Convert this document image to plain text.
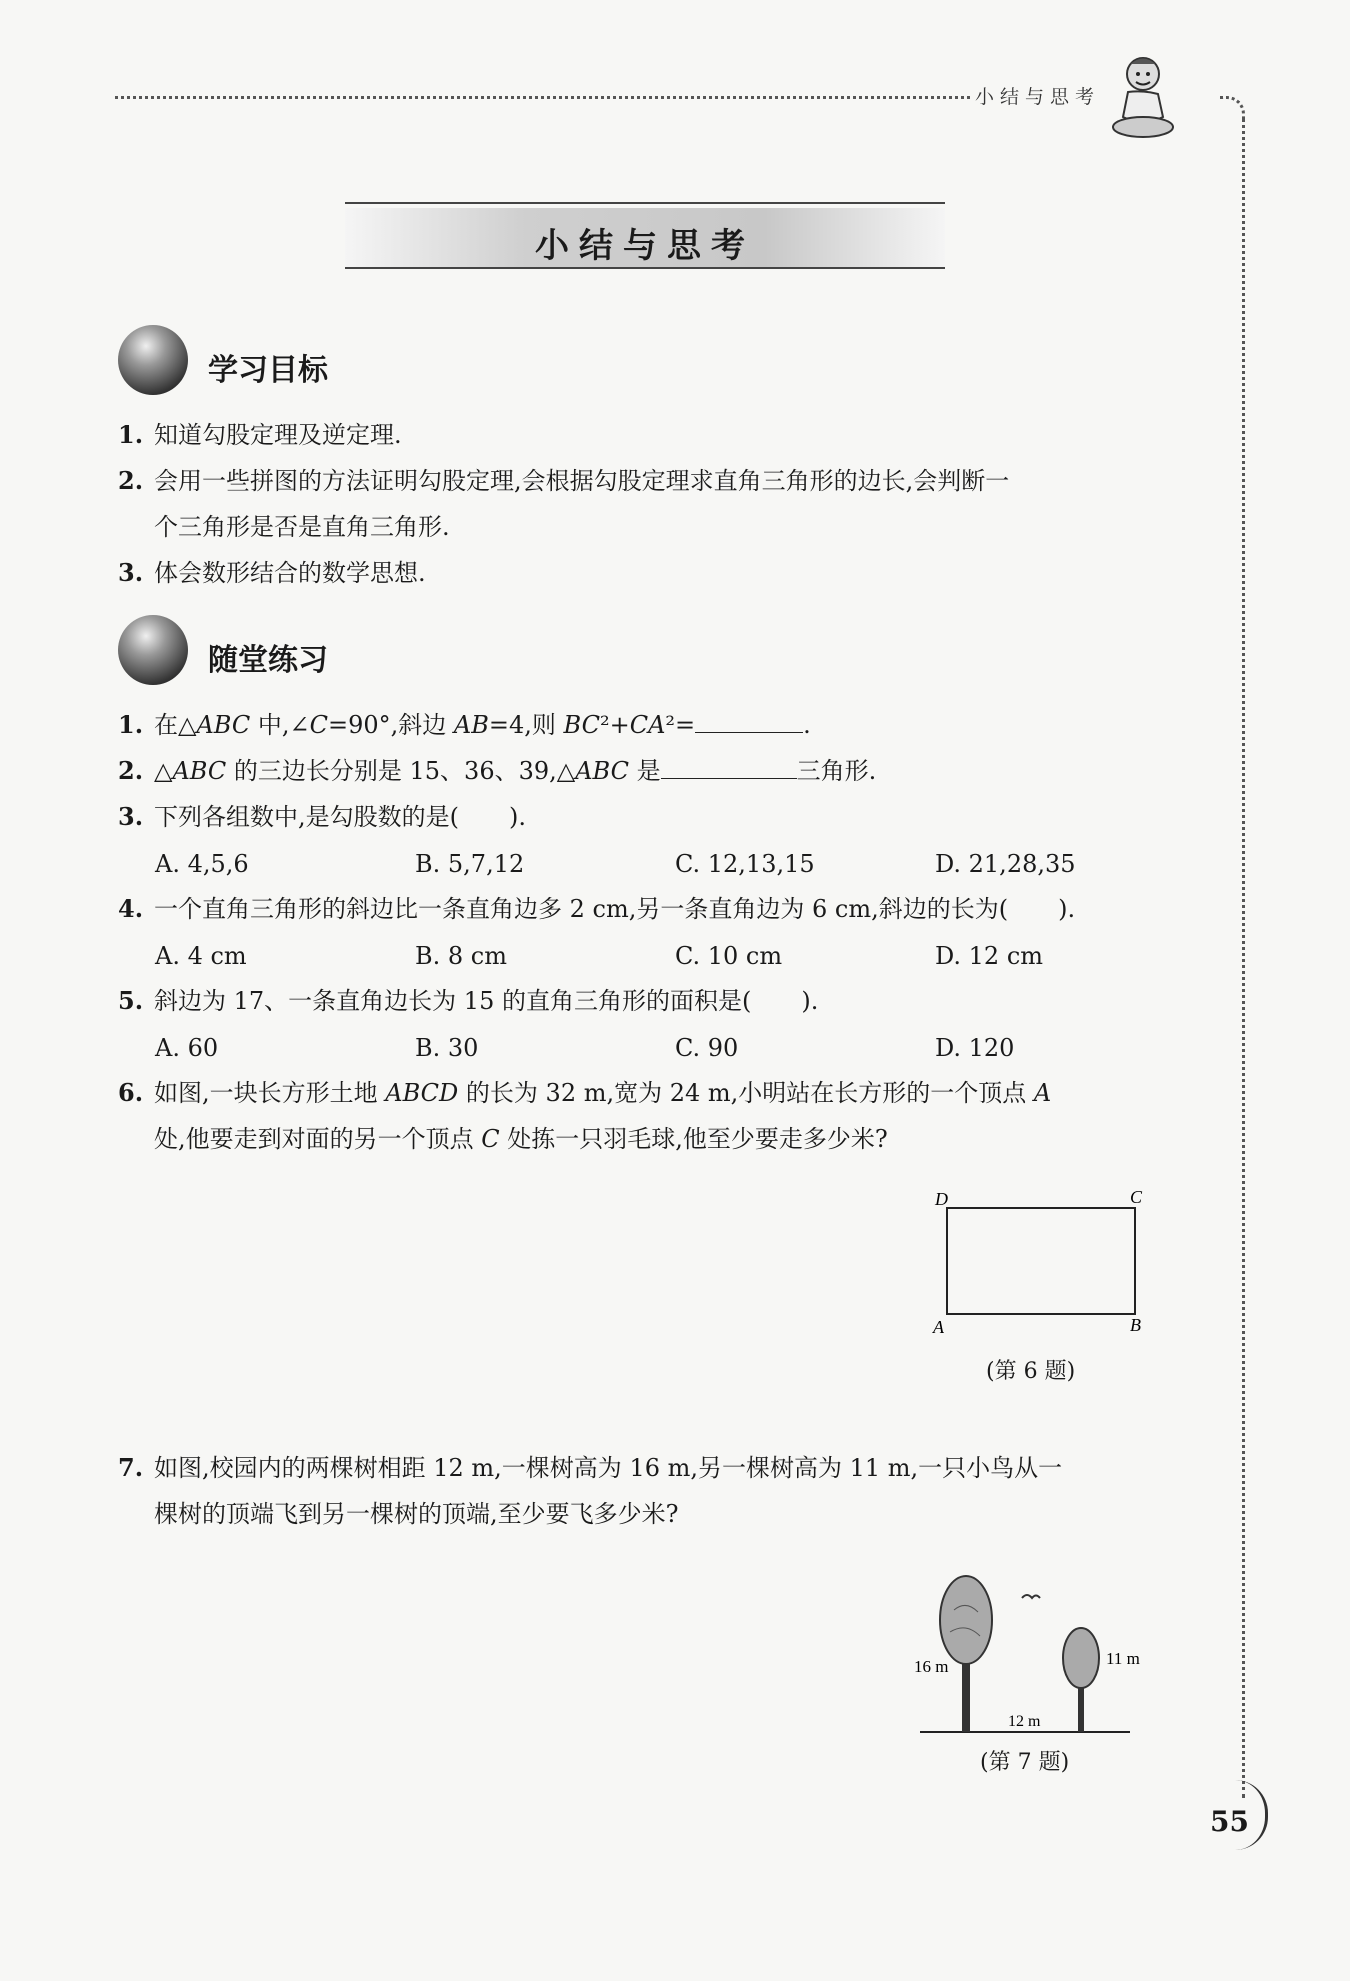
小结与思考
小结与思考
学习目标
1. 知道勾股定理及逆定理.
2. 会用一些拼图的方法证明勾股定理,会根据勾股定理求直角三角形的边长,会判断一
个三角形是否是直角三角形.
3. 体会数形结合的数学思想.
随堂练习
1. 在△ABC 中,∠C=90°,斜边 AB=4,则 BC²+CA²=	.
2. △ABC 的三边长分别是 15、36、39,△ABC 是	三角形.
3. 下列各组数中,是勾股数的是( ).
A. 4,5,6	B. 5,7,12	C. 12,13,15	D. 21,28,35
4. 一个直角三角形的斜边比一条直角边多 2 cm,另一条直角边为 6 cm,斜边的长为( ).
A. 4 cm	B. 8 cm	C. 10 cm	D. 12 cm
5. 斜边为 17、一条直角边长为 15 的直角三角形的面积是( ).
A. 60	B. 30	C. 90	D. 120
6. 如图,一块长方形土地 ABCD 的长为 32 m,宽为 24 m,小明站在长方形的一个顶点 A
处,他要走到对面的另一个顶点 C 处拣一只羽毛球,他至少要走多少米?
D	C
A	B
(第 6 题)
7. 如图,校园内的两棵树相距 12 m,一棵树高为 16 m,另一棵树高为 11 m,一只小鸟从一
棵树的顶端飞到另一棵树的顶端,至少要飞多少米?
16 m	11 m
12 m
(第 7 题)
55
